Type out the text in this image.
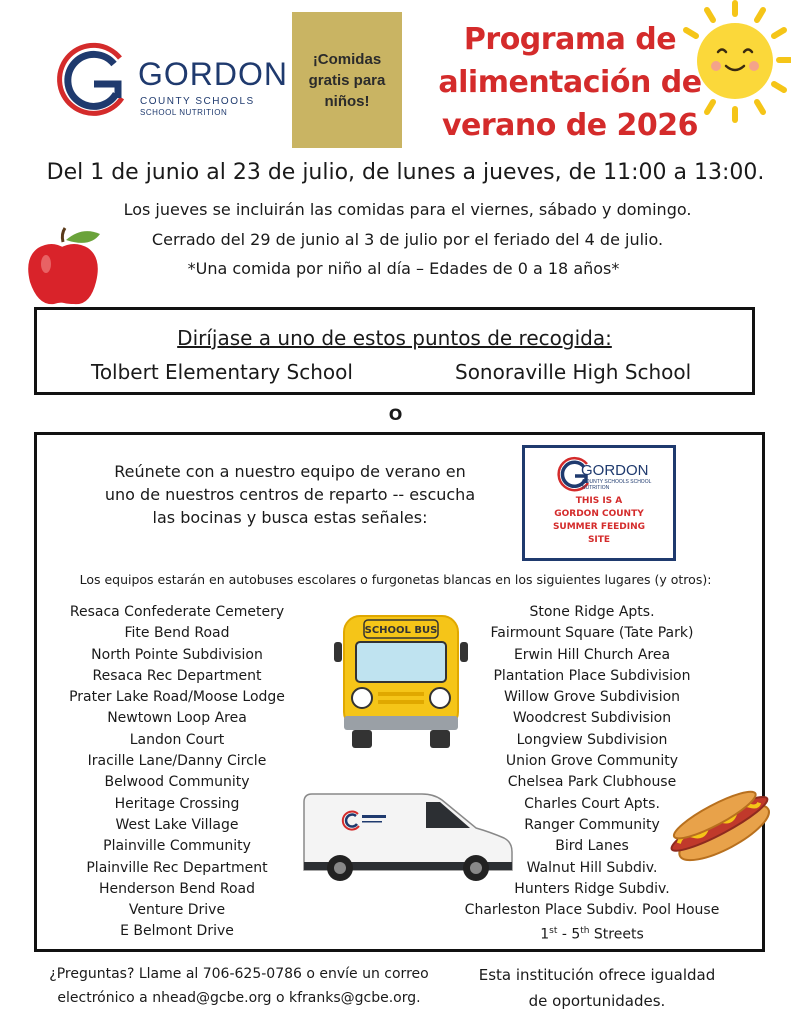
GORDON
COUNTY SCHOOLS
SCHOOL NUTRITION
¡Comidas
gratis para
niños!
Programa de
alimentación de
verano de 2026
Del 1 de junio al 23 de julio, de lunes a jueves, de 11:00 a 13:00.
Los jueves se incluirán las comidas para el viernes, sábado y domingo.
Cerrado del 29 de junio al 3 de julio por el feriado del 4 de julio.
*Una comida por niño al día – Edades de 0 a 18 años*
Diríjase a uno de estos puntos de recogida:
Tolbert Elementary School	Sonoraville High School
O
Reúnete con a nuestro equipo de verano en
uno de nuestros centros de reparto -- escucha
las bocinas y busca estas señales:
GORDON
COUNTY SCHOOLS SCHOOL NUTRITION
THIS IS A
GORDON COUNTY
SUMMER FEEDING
SITE
Los equipos estarán en autobuses escolares o furgonetas blancas en los siguientes lugares (y otros):
Resaca Confederate Cemetery
Fite Bend Road
North Pointe Subdivision
Resaca Rec Department
Prater Lake Road/Moose Lodge
Newtown Loop Area
Landon Court
Iracille Lane/Danny Circle
Belwood Community
Heritage Crossing
West Lake Village
Plainville Community
Plainville Rec Department
Henderson Bend Road
Venture Drive
E Belmont Drive
Stone Ridge Apts.
Fairmount Square (Tate Park)
Erwin Hill Church Area
Plantation Place Subdivision
Willow Grove Subdivision
Woodcrest Subdivision
Longview Subdivision
Union Grove Community
Chelsea Park Clubhouse
Charles Court Apts.
Ranger Community
Bird Lanes
Walnut Hill Subdiv.
Hunters Ridge Subdiv.
Charleston Place Subdiv. Pool House
1st - 5th Streets
SCHOOL BUS
¿Preguntas? Llame al 706-625-0786 o envíe un correo
electrónico a nhead@gcbe.org o kfranks@gcbe.org.
Esta institución ofrece igualdad
de oportunidades.
